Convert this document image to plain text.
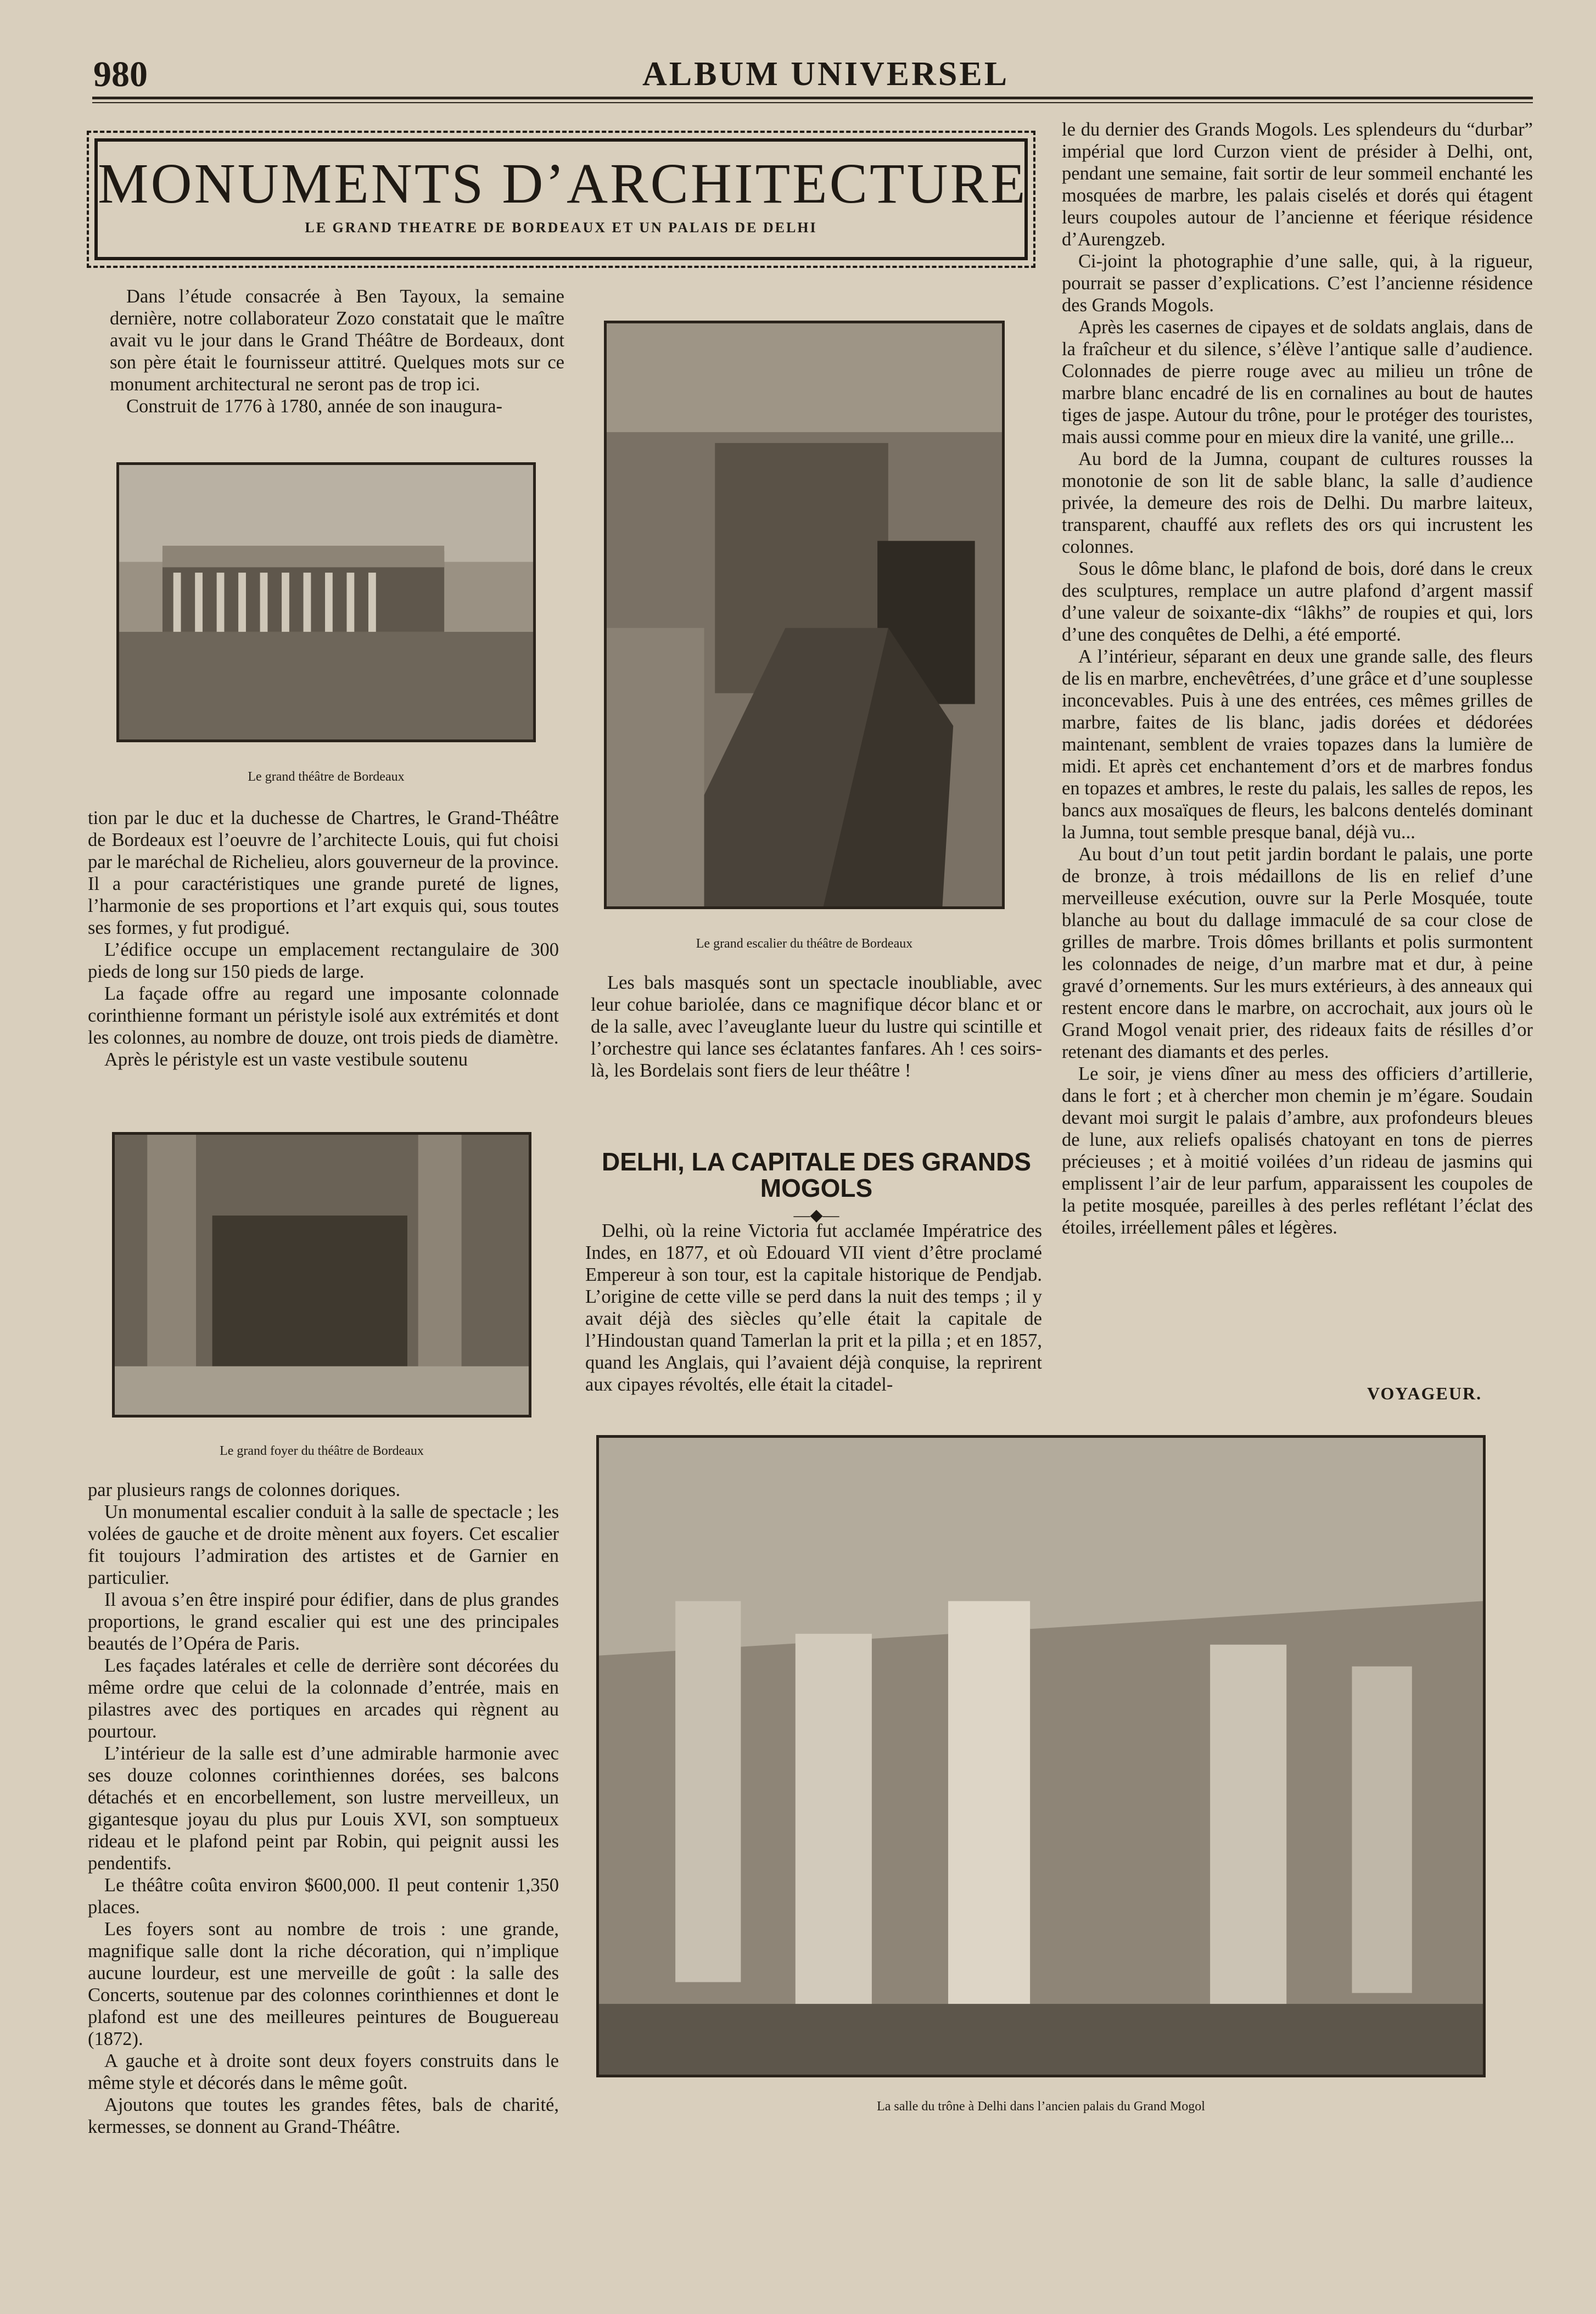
980	ALBUM UNIVERSEL
MONUMENTS D’ARCHITECTURE
LE GRAND THEATRE DE BORDEAUX ET UN PALAIS DE DELHI

Dans l’étude consacrée à Ben Tayoux, la semaine dernière, notre collaborateur Zozo constatait que le maître avait vu le jour dans le Grand Théâtre de Bordeaux, dont son père était le fournisseur attitré. Quelques mots sur ce monument architectural ne seront pas de trop ici.

Construit de 1776 à 1780, année de son inaugura-

Le grand théâtre de Bordeaux

tion par le duc et la duchesse de Chartres, le Grand-Théâtre de Bordeaux est l’oeuvre de l’architecte Louis, qui fut choisi par le maréchal de Richelieu, alors gouverneur de la province. Il a pour caractéristiques une grande pureté de lignes, l’harmonie de ses proportions et l’art exquis qui, sous toutes ses formes, y fut prodigué.

L’édifice occupe un emplacement rectangulaire de 300 pieds de long sur 150 pieds de large.

La façade offre au regard une imposante colonnade corinthienne formant un péristyle isolé aux extrémités et dont les colonnes, au nombre de douze, ont trois pieds de diamètre.

Après le péristyle est un vaste vestibule soutenu

Le grand foyer du théâtre de Bordeaux

par plusieurs rangs de colonnes doriques.

Un monumental escalier conduit à la salle de spectacle ; les volées de gauche et de droite mènent aux foyers. Cet escalier fit toujours l’admiration des artistes et de Garnier en particulier.

Il avoua s’en être inspiré pour édifier, dans de plus grandes proportions, le grand escalier qui est une des principales beautés de l’Opéra de Paris.

Les façades latérales et celle de derrière sont décorées du même ordre que celui de la colonnade d’entrée, mais en pilastres avec des portiques en arcades qui règnent au pourtour.

L’intérieur de la salle est d’une admirable harmonie avec ses douze colonnes corinthiennes dorées, ses balcons détachés et en encorbellement, son lustre merveilleux, un gigantesque joyau du plus pur Louis XVI, son somptueux rideau et le plafond peint par Robin, qui peignit aussi les pendentifs.

Le théâtre coûta environ $600,000. Il peut contenir 1,350 places.

Les foyers sont au nombre de trois : une grande, magnifique salle dont la riche décoration, qui n’implique aucune lourdeur, est une merveille de goût : la salle des Concerts, soutenue par des colonnes corinthiennes et dont le plafond est une des meilleures peintures de Bouguereau (1872).

A gauche et à droite sont deux foyers construits dans le même style et décorés dans le même goût.

Ajoutons que toutes les grandes fêtes, bals de charité, kermesses, se donnent au Grand-Théâtre.

Le grand escalier du théâtre de Bordeaux

Les bals masqués sont un spectacle inoubliable, avec leur cohue bariolée, dans ce magnifique décor blanc et or de la salle, avec l’aveuglante lueur du lustre qui scintille et l’orchestre qui lance ses éclatantes fanfares. Ah ! ces soirs-là, les Bordelais sont fiers de leur théâtre !

DELHI, LA CAPITALE DES GRANDS MOGOLS
—◆—

Delhi, où la reine Victoria fut acclamée Impératrice des Indes, en 1877, et où Edouard VII vient d’être proclamé Empereur à son tour, est la capitale historique de Pendjab. L’origine de cette ville se perd dans la nuit des temps ; il y avait déjà des siècles qu’elle était la capitale de l’Hindoustan quand Tamerlan la prit et la pilla ; et en 1857, quand les Anglais, qui l’avaient déjà conquise, la reprirent aux cipayes révoltés, elle était la citadel-

le du dernier des Grands Mogols. Les splendeurs du “durbar” impérial que lord Curzon vient de présider à Delhi, ont, pendant une semaine, fait sortir de leur sommeil enchanté les mosquées de marbre, les palais ciselés et dorés qui étagent leurs coupoles autour de l’ancienne et féerique résidence d’Aurengzeb.

Ci-joint la photographie d’une salle, qui, à la rigueur, pourrait se passer d’explications. C’est l’ancienne résidence des Grands Mogols.

Après les casernes de cipayes et de soldats anglais, dans de la fraîcheur et du silence, s’élève l’antique salle d’audience. Colonnades de pierre rouge avec au milieu un trône de marbre blanc encadré de lis en cornalines au bout de hautes tiges de jaspe. Autour du trône, pour le protéger des touristes, mais aussi comme pour en mieux dire la vanité, une grille...

Au bord de la Jumna, coupant de cultures rousses la monotonie de son lit de sable blanc, la salle d’audience privée, la demeure des rois de Delhi. Du marbre laiteux, transparent, chauffé aux reflets des ors qui incrustent les colonnes.

Sous le dôme blanc, le plafond de bois, doré dans le creux des sculptures, remplace un autre plafond d’argent massif d’une valeur de soixante-dix “lâkhs” de roupies et qui, lors d’une des conquêtes de Delhi, a été emporté.

A l’intérieur, séparant en deux une grande salle, des fleurs de lis en marbre, enchevêtrées, d’une grâce et d’une souplesse inconcevables. Puis à une des entrées, ces mêmes grilles de marbre, faites de lis blanc, jadis dorées et dédorées maintenant, semblent de vraies topazes dans la lumière de midi. Et après cet enchantement d’ors et de marbres fondus en topazes et ambres, le reste du palais, les salles de repos, les bancs aux mosaïques de fleurs, les balcons dentelés dominant la Jumna, tout semble presque banal, déjà vu...

Au bout d’un tout petit jardin bordant le palais, une porte de bronze, à trois médaillons de lis en relief d’une merveilleuse exécution, ouvre sur la Perle Mosquée, toute blanche au bout du dallage immaculé de sa cour close de grilles de marbre. Trois dômes brillants et polis surmontent les colonnades de neige, d’un marbre mat et dur, à peine gravé d’ornements. Sur les murs extérieurs, à des anneaux qui restent encore dans le marbre, on accrochait, aux jours où le Grand Mogol venait prier, des rideaux faits de résilles d’or retenant des diamants et des perles.

Le soir, je viens dîner au mess des officiers d’artillerie, dans le fort ; et à chercher mon chemin je m’égare. Soudain devant moi surgit le palais d’ambre, aux profondeurs bleues de lune, aux reliefs opalisés chatoyant en tons de pierres précieuses ; et à moitié voilées d’un rideau de jasmins qui emplissent l’air de leur parfum, apparaissent les coupoles de la petite mosquée, pareilles à des perles reflétant l’éclat des étoiles, irréellement pâles et légères.

VOYAGEUR.
La salle du trône à Delhi dans l’ancien palais du Grand Mogol
